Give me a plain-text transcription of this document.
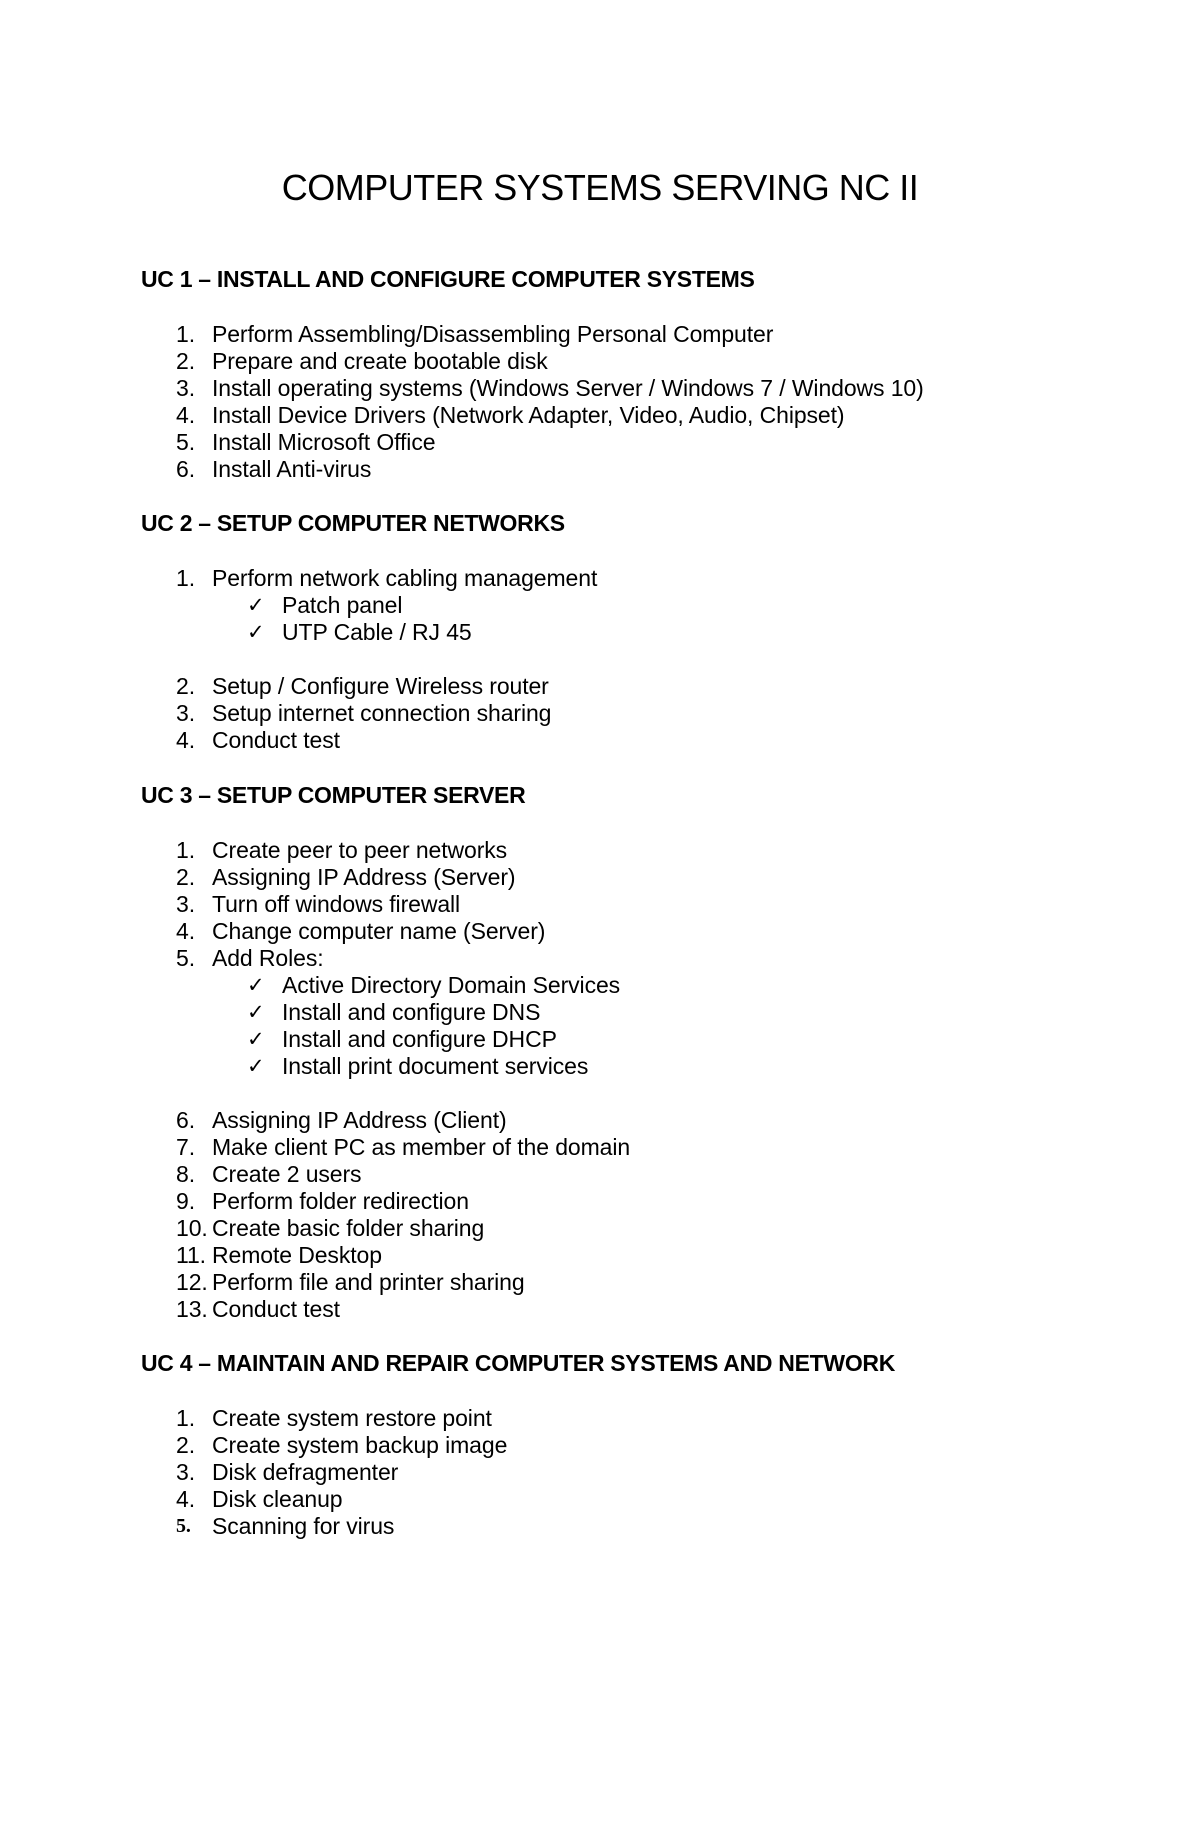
COMPUTER SYSTEMS SERVING NC II
UC 1 – INSTALL AND CONFIGURE COMPUTER SYSTEMS
1. Perform Assembling/Disassembling Personal Computer
2. Prepare and create bootable disk
3. Install operating systems (Windows Server / Windows 7 / Windows 10)
4. Install Device Drivers (Network Adapter, Video, Audio, Chipset)
5. Install Microsoft Office
6. Install Anti-virus
UC 2 – SETUP COMPUTER NETWORKS
1. Perform network cabling management
✓ Patch panel
✓ UTP Cable / RJ 45
2. Setup / Configure Wireless router
3. Setup internet connection sharing
4. Conduct test
UC 3 – SETUP COMPUTER SERVER
1. Create peer to peer networks
2. Assigning IP Address (Server)
3. Turn off windows firewall
4. Change computer name (Server)
5. Add Roles:
✓ Active Directory Domain Services
✓ Install and configure DNS
✓ Install and configure DHCP
✓ Install print document services
6. Assigning IP Address (Client)
7. Make client PC as member of the domain
8. Create 2 users
9. Perform folder redirection
10. Create basic folder sharing
11. Remote Desktop
12. Perform file and printer sharing
13. Conduct test
UC 4 – MAINTAIN AND REPAIR COMPUTER SYSTEMS AND NETWORK
1. Create system restore point
2. Create system backup image
3. Disk defragmenter
4. Disk cleanup
5. Scanning for virus
